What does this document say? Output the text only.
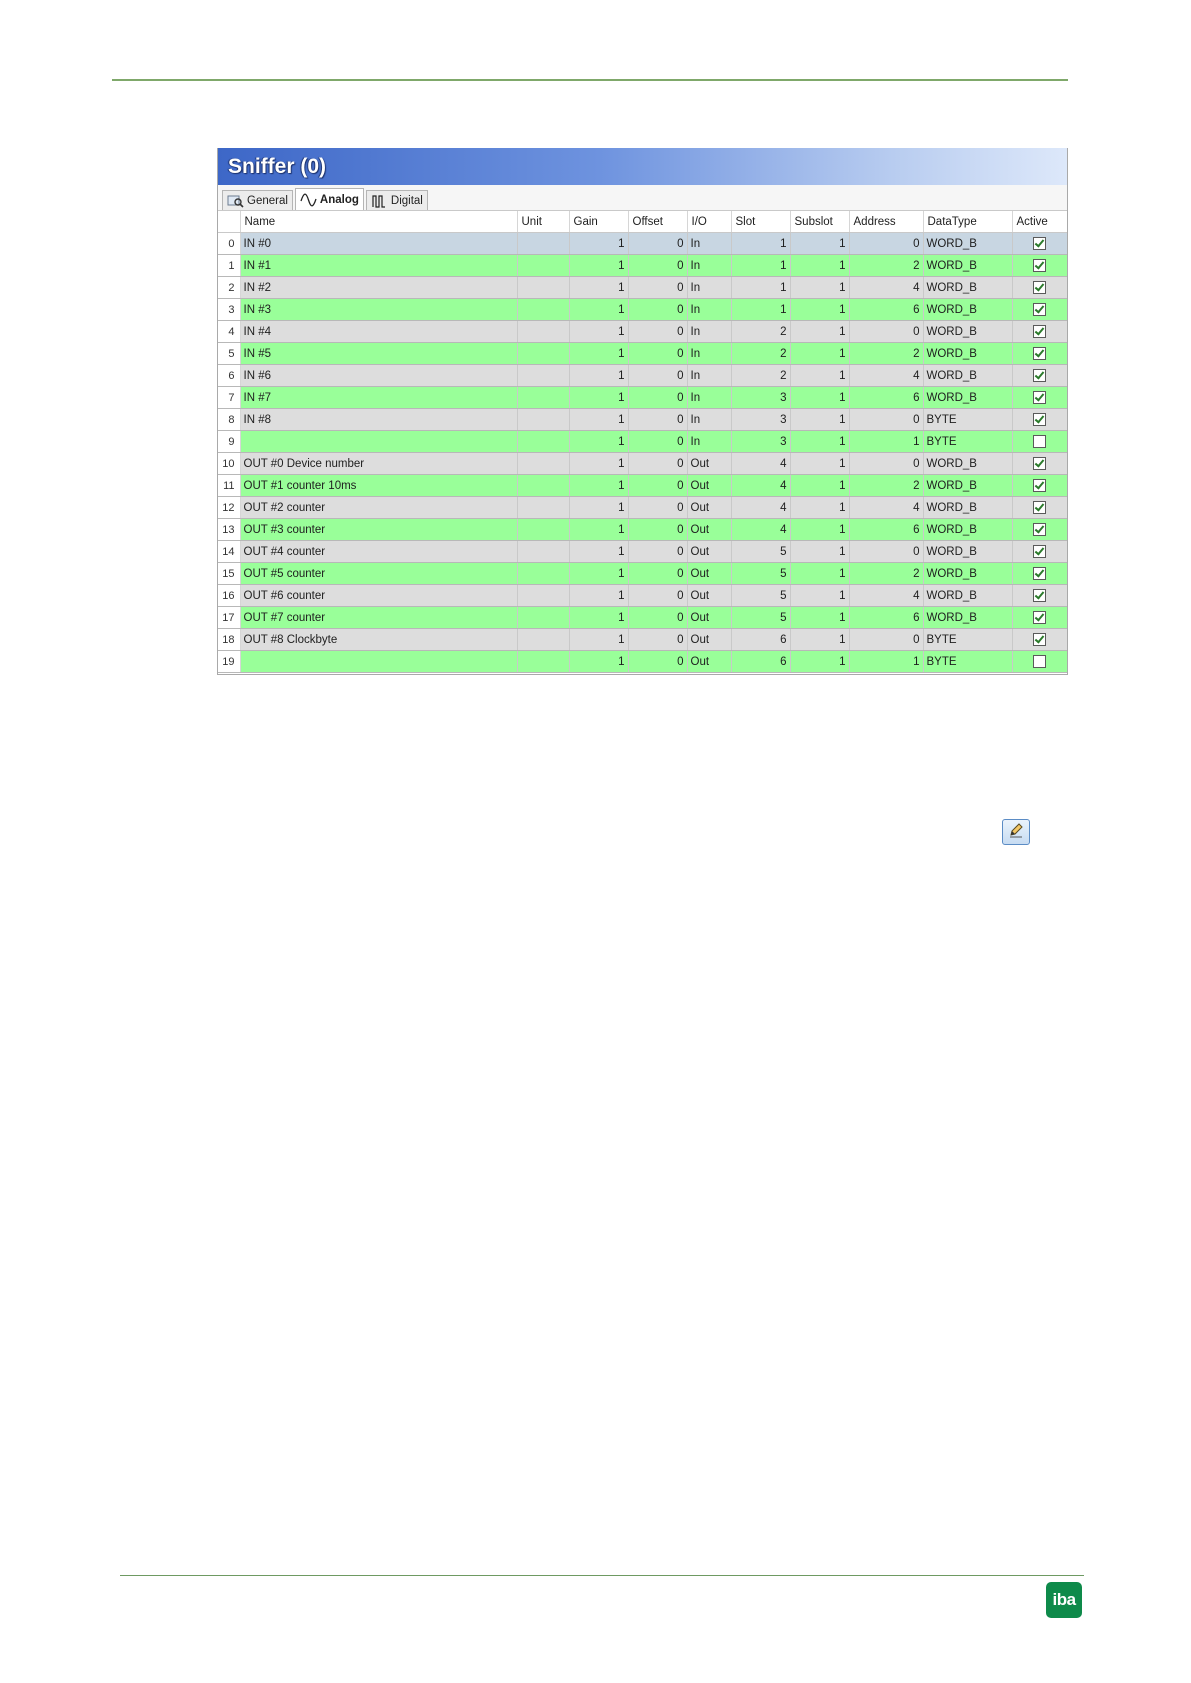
Sniffer (0)
General	Analog	Digital
	Name	Unit	Gain	Offset	I/O	Slot	Subslot	Address	DataType	Active
0	IN #0		1	0	In	1	1	0	WORD_B	
1	IN #1		1	0	In	1	1	2	WORD_B	
2	IN #2		1	0	In	1	1	4	WORD_B	
3	IN #3		1	0	In	1	1	6	WORD_B	
4	IN #4		1	0	In	2	1	0	WORD_B	
5	IN #5		1	0	In	2	1	2	WORD_B	
6	IN #6		1	0	In	2	1	4	WORD_B	
7	IN #7		1	0	In	3	1	6	WORD_B	
8	IN #8		1	0	In	3	1	0	BYTE	
9			1	0	In	3	1	1	BYTE	
10	OUT #0 Device number		1	0	Out	4	1	0	WORD_B	
11	OUT #1 counter 10ms		1	0	Out	4	1	2	WORD_B	
12	OUT #2 counter		1	0	Out	4	1	4	WORD_B	
13	OUT #3 counter		1	0	Out	4	1	6	WORD_B	
14	OUT #4 counter		1	0	Out	5	1	0	WORD_B	
15	OUT #5 counter		1	0	Out	5	1	2	WORD_B	
16	OUT #6 counter		1	0	Out	5	1	4	WORD_B	
17	OUT #7 counter		1	0	Out	5	1	6	WORD_B	
18	OUT #8 Clockbyte		1	0	Out	6	1	0	BYTE	
19			1	0	Out	6	1	1	BYTE	
iba
